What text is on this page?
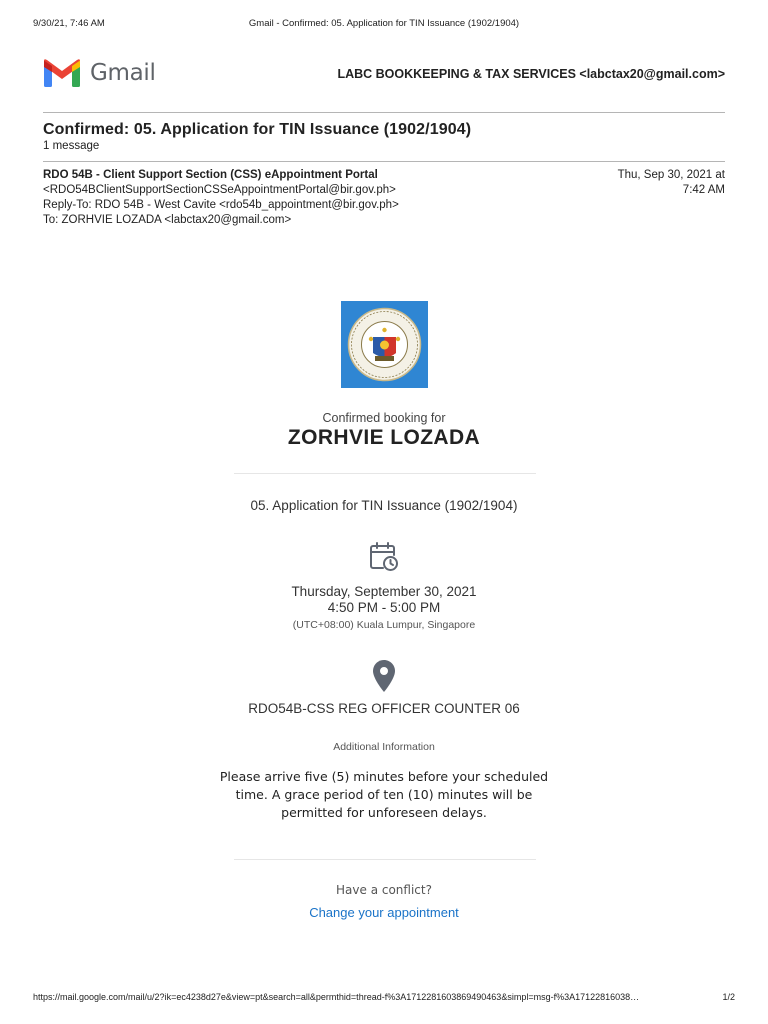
9/30/21, 7:46 AM	Gmail - Confirmed: 05. Application for TIN Issuance (1902/1904)
Gmail	LABC BOOKKEEPING & TAX SERVICES <labctax20@gmail.com>
Confirmed: 05. Application for TIN Issuance (1902/1904)
1 message
RDO 54B - Client Support Section (CSS) eAppointment Portal
<RDO54BClientSupportSectionCSSeAppointmentPortal@bir.gov.ph>
Reply-To: RDO 54B - West Cavite <rdo54b_appointment@bir.gov.ph>
To: ZORHVIE LOZADA <labctax20@gmail.com>
Thu, Sep 30, 2021 at
7:42 AM
Confirmed booking for
ZORHVIE LOZADA
05. Application for TIN Issuance (1902/1904)
Thursday, September 30, 2021
4:50 PM - 5:00 PM
(UTC+08:00) Kuala Lumpur, Singapore
RDO54B-CSS REG OFFICER COUNTER 06
Additional Information
Please arrive five (5) minutes before your scheduled time. A grace period of ten (10) minutes will be permitted for unforeseen delays.
Have a conflict?
Change your appointment
https://mail.google.com/mail/u/2?ik=ec4238d27e&view=pt&search=all&permthid=thread-f%3A1712281603869490463&simpl=msg-f%3A17122816038…	1/2
